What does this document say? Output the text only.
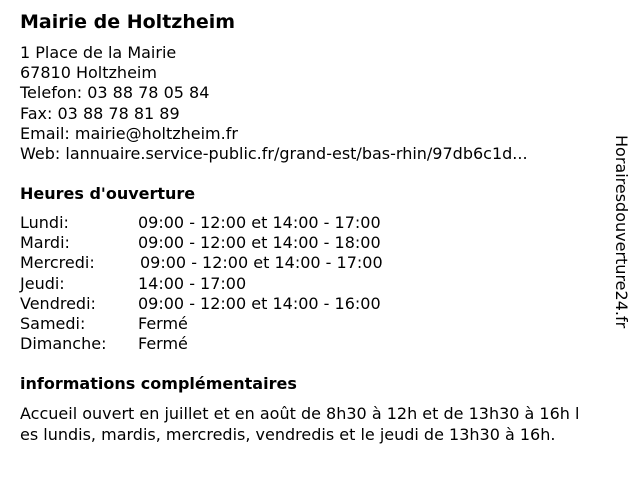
Mairie de Holtzheim
1 Place de la Mairie
67810 Holtzheim
Telefon: 03 88 78 05 84
Fax: 03 88 78 81 89
Email: mairie@holtzheim.fr
Web: lannuaire.service-public.fr/grand-est/bas-rhin/97db6c1d...
Heures d'ouverture
Lundi:	09:00 - 12:00 et 14:00 - 17:00
Mardi:	09:00 - 12:00 et 14:00 - 18:00
Mercredi:	09:00 - 12:00 et 14:00 - 17:00
Jeudi:	14:00 - 17:00
Vendredi:	09:00 - 12:00 et 14:00 - 16:00
Samedi:	Fermé
Dimanche: Fermé
informations complémentaires
Accueil ouvert en juillet et en août de 8h30 à 12h et de 13h30 à 16h l
es lundis, mardis, mercredis, vendredis et le jeudi de 13h30 à 16h.
Horairesdouverture24.fr
